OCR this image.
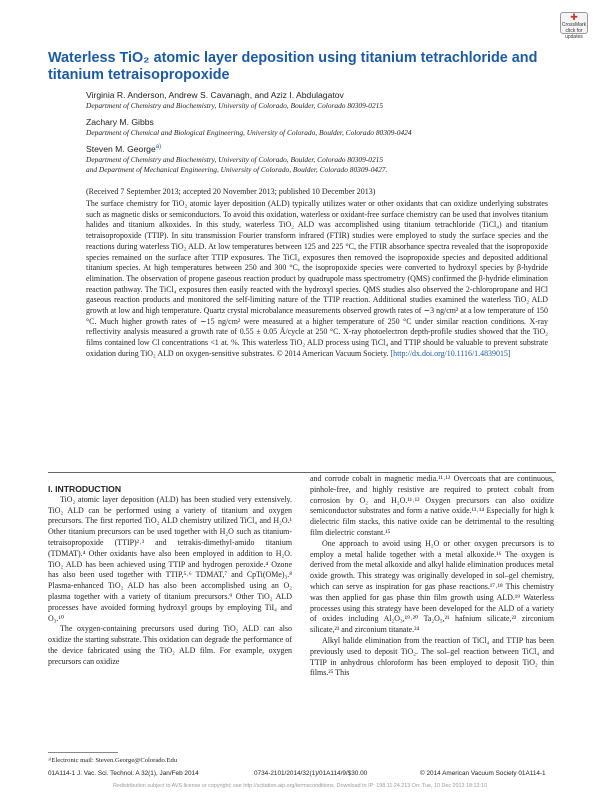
✚
CrossMark
click for updates
Waterless TiO₂ atomic layer deposition using titanium tetrachloride and titanium tetraisopropoxide
Virginia R. Anderson, Andrew S. Cavanagh, and Aziz I. Abdulagatov
Department of Chemistry and Biochemistry, University of Colorado, Boulder, Colorado 80309-0215
Zachary M. Gibbs
Department of Chemical and Biological Engineering, University of Colorado, Boulder, Colorado 80309-0424
Steven M. George$^{a)}$
Department of Chemistry and Biochemistry, University of Colorado, Boulder, Colorado 80309-0215
and Department of Mechanical Engineering, University of Colorado, Boulder, Colorado 80309-0427.
(Received 7 September 2013; accepted 20 November 2013; published 10 December 2013)
The surface chemistry for TiO₂ atomic layer deposition (ALD) typically utilizes water or other oxidants that can oxidize underlying substrates such as magnetic disks or semiconductors. To avoid this oxidation, waterless or oxidant-free surface chemistry can be used that involves titanium halides and titanium alkoxides. In this study, waterless TiO₂ ALD was accomplished using titanium tetrachloride (TiCl₄) and titanium tetraisopropoxide (TTIP). In situ transmission Fourier transform infrared (FTIR) studies were employed to study the surface species and the reactions during waterless TiO₂ ALD. At low temperatures between 125 and 225 °C, the FTIR absorbance spectra revealed that the isopropoxide species remained on the surface after TTIP exposures. The TiCl₄ exposures then removed the isopropoxide species and deposited additional titanium species. At high temperatures between 250 and 300 °C, the isopropoxide species were converted to hydroxyl species by β-hydride elimination. The observation of propene gaseous reaction product by quadrupole mass spectrometry (QMS) confirmed the β-hydride elimination reaction pathway. The TiCl₄ exposures then easily reacted with the hydroxyl species. QMS studies also observed the 2-chloropropane and HCl gaseous reaction products and monitored the self-limiting nature of the TTIP reaction. Additional studies examined the waterless TiO₂ ALD growth at low and high temperature. Quartz crystal microbalance measurements observed growth rates of ∼3 ng/cm² at a low temperature of 150 °C. Much higher growth rates of ∼15 ng/cm² were measured at a higher temperature of 250 °C under similar reaction conditions. X-ray reflectivity analysis measured a growth rate of 0.55 ± 0.05 Å/cycle at 250 °C. X-ray photoelectron depth-profile studies showed that the TiO₂ films contained low Cl concentrations <1 at. %. This waterless TiO₂ ALD process using TiCl₄ and TTIP should be valuable to prevent substrate oxidation during TiO₂ ALD on oxygen-sensitive substrates. © 2014 American Vacuum Society. [http://dx.doi.org/10.1116/1.4839015]

I. INTRODUCTION

TiO₂ atomic layer deposition (ALD) has been studied very extensively. TiO₂ ALD can be performed using a variety of titanium and oxygen precursors. The first reported TiO₂ ALD chemistry utilized TiCl₄ and H₂O.¹ Other titanium precursors can be used together with H₂O such as titanium-tetraisopropoxide (TTIP)²˒³ and tetrakis-dimethyl-amido titanium (TDMAT).⁴ Other oxidants have also been employed in addition to H₂O. TiO₂ ALD has been achieved using TTIP and hydrogen peroxide.⁴ Ozone has also been used together with TTIP,⁵˒⁶ TDMAT,⁷ and CpTi(OMe)₃.⁸ Plasma-enhanced TiO₂ ALD has also been accomplished using an O₂ plasma together with a variety of titanium precursors.⁹ Other TiO₂ ALD processes have avoided forming hydroxyl groups by employing TiI₄ and O₃.¹⁰

The oxygen-containing precursors used during TiO₂ ALD can also oxidize the starting substrate. This oxidation can degrade the performance of the device fabricated using the TiO₂ ALD film. For example, oxygen precursors can oxidize

and corrode cobalt in magnetic media.¹¹˒¹² Overcoats that are continuous, pinhole-free, and highly resistive are required to protect cobalt from corrosion by O₂ and H₂O.¹¹˒¹² Oxygen precursors can also oxidize semiconductor substrates and form a native oxide.¹³˒¹⁴ Especially for high k dielectric film stacks, this native oxide can be detrimental to the resulting film dielectric constant.¹⁵

One approach to avoid using H₂O or other oxygen precursors is to employ a metal halide together with a metal alkoxide.¹⁶ The oxygen is derived from the metal alkoxide and alkyl halide elimination produces metal oxide growth. This strategy was originally developed in sol–gel chemistry, which can serve as inspiration for gas phase reactions.¹⁷˒¹⁸ This chemistry was then applied for gas phase thin film growth using ALD.¹⁹ Waterless processes using this strategy have been developed for the ALD of a variety of oxides including Al₂O₃,¹⁹˒²⁰ Ta₂O₅,²¹ hafnium silicate,²² zirconium silicate,²³ and zirconium titanate.²⁴

Alkyl halide elimination from the reaction of TiCl₄ and TTIP has been previously used to deposit TiO₂. The sol–gel reaction between TiCl₄ and TTIP in anhydrous chloroform has been employed to deposit TiO₂ thin films.²⁵ This

ᵃ⁾Electronic mail: Steven.George@Colorado.Edu
01A114-1 J. Vac. Sci. Technol. A 32(1), Jan/Feb 2014	0734-2101/2014/32(1)/01A114/9/$30.00	© 2014 American Vacuum Society 01A114-1
Redistribution subject to AVS license or copyright; see http://scitation.aip.org/termsconditions. Download to IP: 198.11.24.213 On: Tue, 10 Dec 2013 18:13:10
